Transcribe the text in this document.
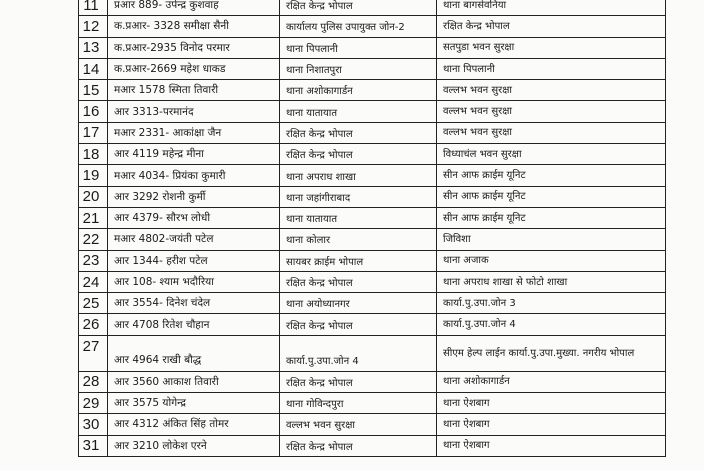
11	प्रआर 889- उपेन्द्र कुशवाह	रक्षित केन्द्र भोपाल	थाना बागसेवनिया
12	क.प्रआर- 3328 समीक्षा सैनी	कार्यालय पुलिस उपायुक्त जोन-2	रक्षित केन्द्र भोपाल
13	क.प्रआर-2935 विनोद परमार	थाना पिपलानी	सतपुडा भवन सुरक्षा
14	क.प्रआर-2669 महेश धाकड	थाना निशातपुरा	थाना पिपलानी
15	मआर 1578 स्मिता तिवारी	थाना अशोकागार्डन	वल्लभ भवन सुरक्षा
16	आर 3313-परमानंद	थाना यातायात	वल्लभ भवन सुरक्षा
17	मआर 2331- आकांक्षा जैन	रक्षित केन्द्र भोपाल	वल्लभ भवन सुरक्षा
18	आर 4119 महेन्द्र मीना	रक्षित केन्द्र भोपाल	विध्याचंल भवन सुरक्षा
19	मआर 4034- प्रियंका कुमारी	थाना अपराध शाखा	सीन आफ क्राईम यूनिट
20	आर 3292 रोशनी कुर्मी	थाना जहांगीराबाद	सीन आफ क्राईम यूनिट
21	आर 4379- सौरभ लोधी	थाना यातायात	सीन आफ क्राईम यूनिट
22	मआर 4802-जयंती पटेल	थाना कोलार	जिविशा
23	आर 1344- हरीश पटेल	सायबर क्राईम भोपाल	थाना अजाक
24	आर 108- श्याम भदौरिया	रक्षित केन्द्र भोपाल	थाना अपराध शाखा से फोटो शाखा
25	आर 3554- दिनेश चंदेल	थाना अयोध्यानगर	कार्या.पु.उपा.जोन 3
26	आर 4708 रितेश चौहान	रक्षित केन्द्र भोपाल	कार्या.पु.उपा.जोन 4
27	आर 4964 राखी बौद्ध	कार्या.पु.उपा.जोन 4	सीएम हेल्प लाईन कार्या.पु.उपा.मुख्या. नगरीय भोपाल
28	आर 3560 आकाश तिवारी	रक्षित केन्द्र भोपाल	थाना अशोकागार्डन
29	आर 3575 योगेन्द्र	थाना गोविन्दपुरा	थाना ऐशबाग
30	आर 4312 अंकित सिंह तोमर	वल्लभ भवन सुरक्षा	थाना ऐशबाग
31	आर 3210 लोकेश एरने	रक्षित केन्द्र भोपाल	थाना ऐशबाग
